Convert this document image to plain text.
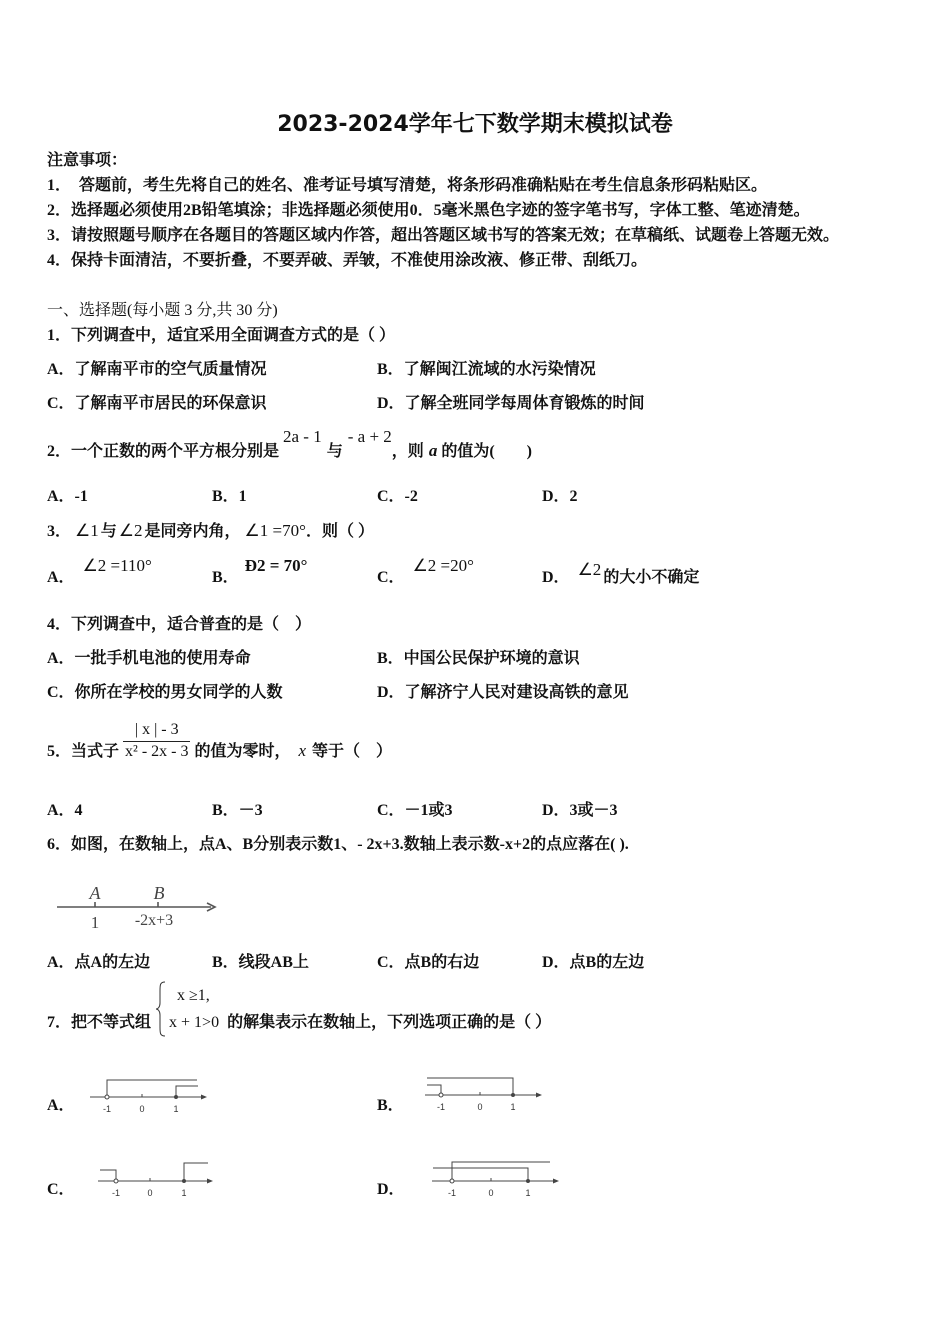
2023-2024学年七下数学期末模拟试卷
注意事项：
1．　答题前，考生先将自己的姓名、准考证号填写清楚，将条形码准确粘贴在考生信息条形码粘贴区。
2．选择题必须使用2B铅笔填涂；非选择题必须使用0．5毫米黑色字迹的签字笔书写，字体工整、笔迹清楚。
3．请按照题号顺序在各题目的答题区域内作答，超出答题区域书写的答案无效；在草稿纸、试题卷上答题无效。
4．保持卡面清洁，不要折叠，不要弄破、弄皱，不准使用涂改液、修正带、刮纸刀。
一、选择题(每小题 3 分,共 30 分)
1．下列调查中，适宜采用全面调查方式的是（ ）
A．了解南平市的空气质量情况	B．了解闽江流域的水污染情况
C．了解南平市居民的环保意识	D．了解全班同学每周体育锻炼的时间
2．一个正数的两个平方根分别是2a - 1与- a + 2，则 a 的值为(　　)
A．-1	B．1	C．-2	D．2
3． ∠1 与 ∠2 是同旁内角， ∠1 =70°．则（ ）
A．∠2 =110°
B．Ð2 = 70°
C．∠2 =20°
D． ∠2 的大小不确定
4．下列调查中，适合普查的是（　）
A．一批手机电池的使用寿命	B．中国公民保护环境的意识
C．你所在学校的男女同学的人数	D．了解济宁人民对建设高铁的意见
5．当式子 $\frac{| x | - 3}{\text{x² - 2x - 3}}$ 的值为零时， x 等于（　）
A．4	B．－3	C．－1或3	D．3或－3
6．如图，在数轴上，点A、B分别表示数1、- 2x+3.数轴上表示数-x+2的点应落在( ).
A	B
1 -2x+3
A．点A的左边	B．线段AB上	C．点B的右边	D．点B的左边
7．把不等式组
x ≥1,
x + 1>0 的解集表示在数轴上，下列选项正确的是（ ）
A．	-1	0	1	B．	-1	0	1
C．	-1	0	1	D．	-1	0	1
